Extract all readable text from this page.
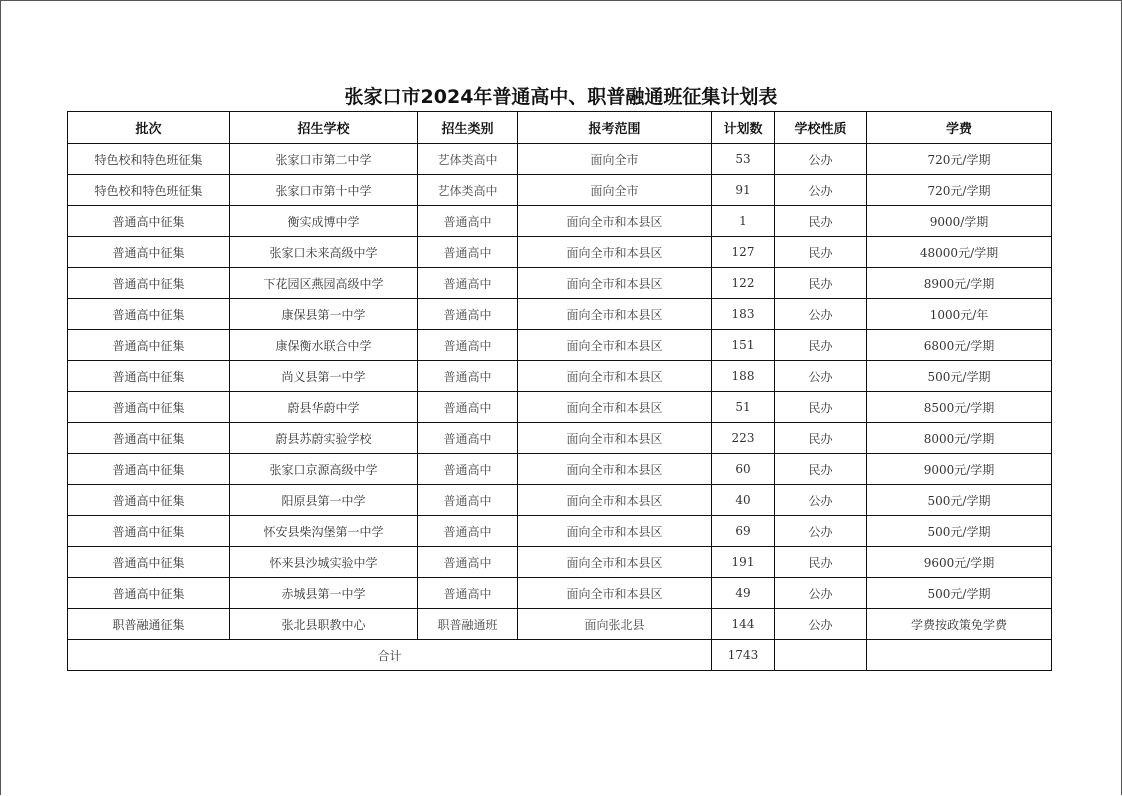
张家口市2024年普通高中、职普融通班征集计划表
批次	招生学校	招生类别	报考范围	计划数	学校性质	学费
特色校和特色班征集	张家口市第二中学	艺体类高中	面向全市	53	公办	720元/学期
特色校和特色班征集	张家口市第十中学	艺体类高中	面向全市	91	公办	720元/学期
普通高中征集	衡实成博中学	普通高中	面向全市和本县区	1	民办	9000/学期
普通高中征集	张家口未来高级中学	普通高中	面向全市和本县区	127	民办	48000元/学期
普通高中征集	下花园区燕园高级中学	普通高中	面向全市和本县区	122	民办	8900元/学期
普通高中征集	康保县第一中学	普通高中	面向全市和本县区	183	公办	1000元/年
普通高中征集	康保衡水联合中学	普通高中	面向全市和本县区	151	民办	6800元/学期
普通高中征集	尚义县第一中学	普通高中	面向全市和本县区	188	公办	500元/学期
普通高中征集	蔚县华蔚中学	普通高中	面向全市和本县区	51	民办	8500元/学期
普通高中征集	蔚县苏蔚实验学校	普通高中	面向全市和本县区	223	民办	8000元/学期
普通高中征集	张家口京源高级中学	普通高中	面向全市和本县区	60	民办	9000元/学期
普通高中征集	阳原县第一中学	普通高中	面向全市和本县区	40	公办	500元/学期
普通高中征集	怀安县柴沟堡第一中学	普通高中	面向全市和本县区	69	公办	500元/学期
普通高中征集	怀来县沙城实验中学	普通高中	面向全市和本县区	191	民办	9600元/学期
普通高中征集	赤城县第一中学	普通高中	面向全市和本县区	49	公办	500元/学期
职普融通征集	张北县职教中心	职普融通班	面向张北县	144	公办	学费按政策免学费
合计				1743		
